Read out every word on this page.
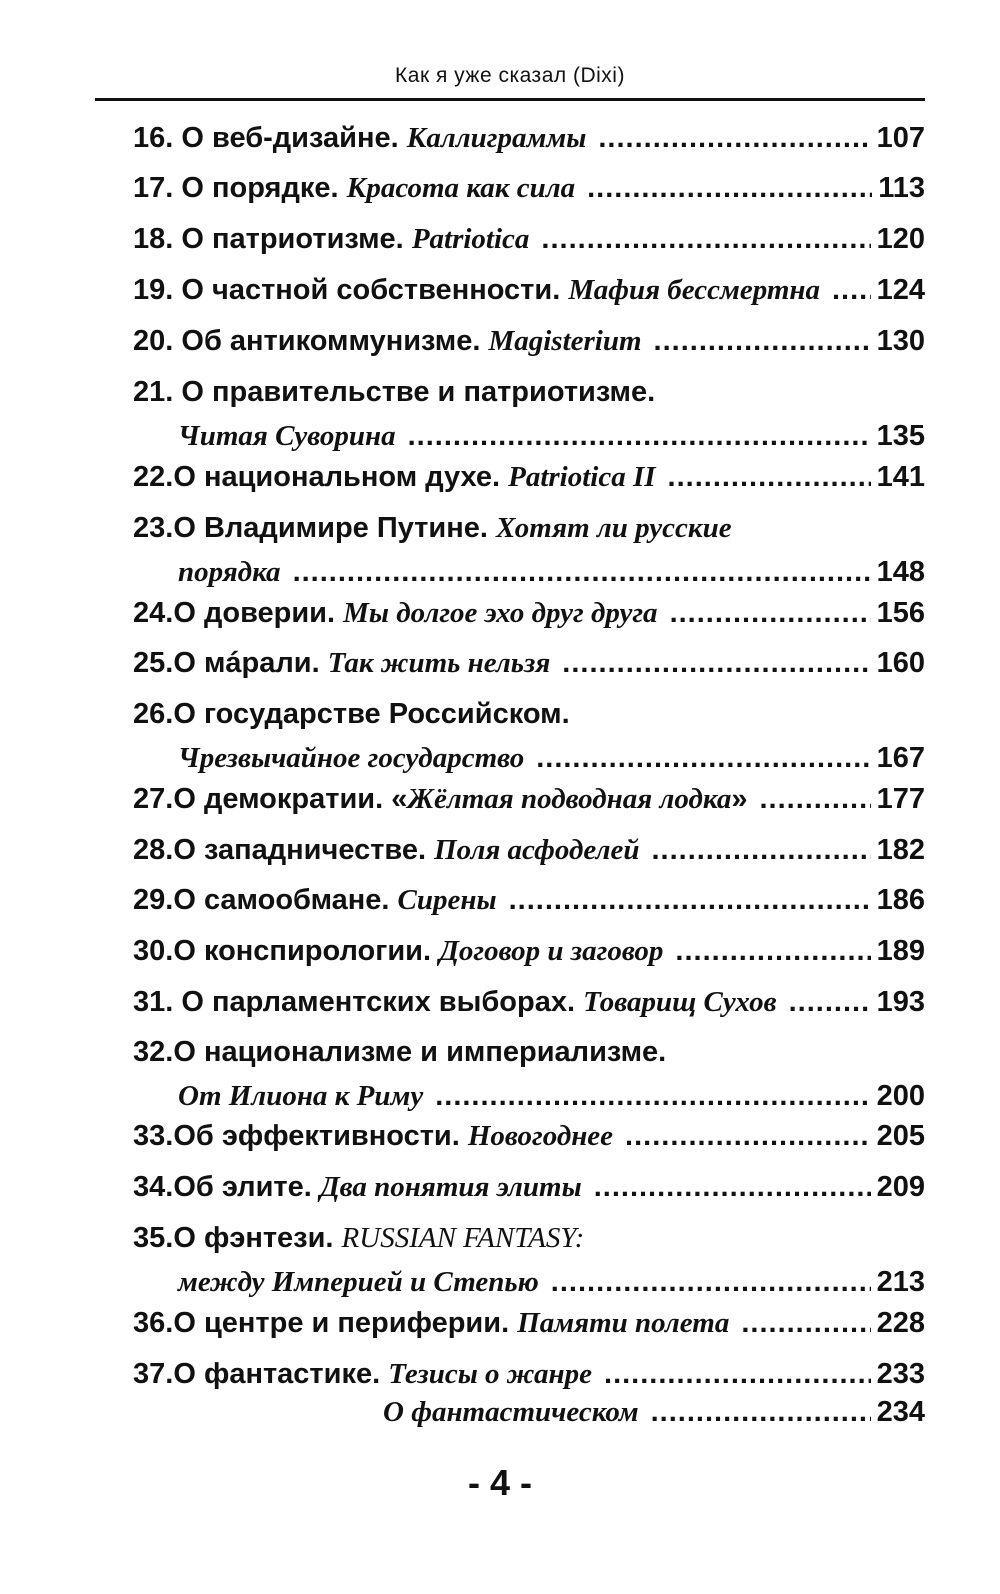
Как я уже сказал (Dixi)
16. О веб-дизайне. Каллиграммы .....	107
17. О порядке. Красота как сила .....	113
18. О патриотизме. Patriotica .....	120
19. О частной собственности. Мафия бессмертна ..... 124
20. Об антикоммунизме. Magisterium .....	130
21. О правительстве и патриотизме.
Читая Суворина .....	135
22. О национальном духе. Patriotica II .....	141
23. О Владимире Путине. Хотят ли русские
порядка .....	148
24. О доверии. Мы долгое эхо друг друга .....	156
25. О мáрали. Так жить нельзя .....	160
26. О государстве Российском.
Чрезвычайное государство .....	167
27. О демократии. « Жёлтая подводная лодка » .....	177
28. О западничестве. Поля асфоделей .....	182
29. О самообмане. Сирены .....	186
30. О конспирологии. Договор и заговор .....	189
31. О парламентских выборах. Товарищ Сухов .....	193
32. О национализме и империализме.
От Илиона к Риму .....	200
33. Об эффективности. Новогоднее .....	205
34. Об элите. Два понятия элиты .....	209
35. О фэнтези. RUSSIAN FANTASY:
между Империей и Степью .....	213
36. О центре и периферии. Памяти полета .....	228
37. О фантастике. Тезисы о жанре .....	233
О фантастическом .....	234
- 4 -
